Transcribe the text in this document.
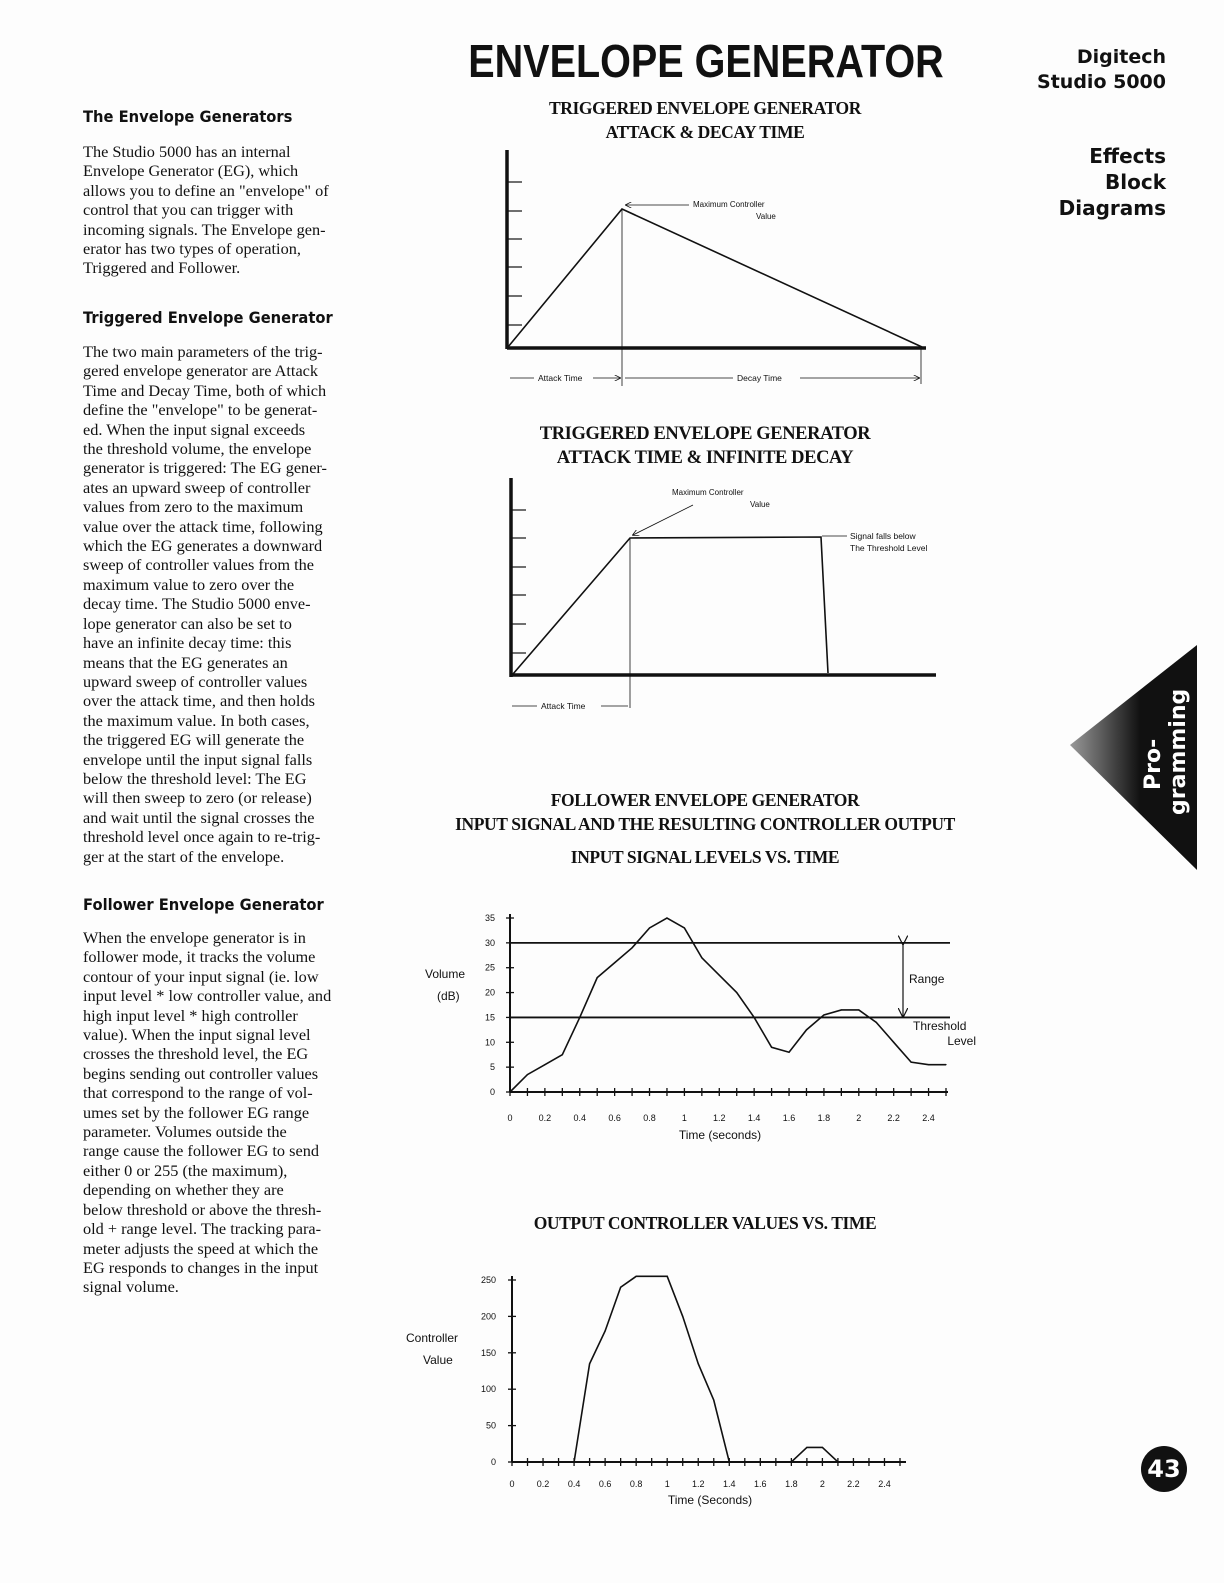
ENVELOPE GENERATOR	Digitech
Studio 5000
Effects
Block
Diagrams
The Envelope Generators
The Studio 5000 has an internal
Envelope Generator (EG), which
allows you to define an "envelope" of
control that you can trigger with
incoming signals. The Envelope gen-
erator has two types of operation,
Triggered and Follower.
Triggered Envelope Generator
The two main parameters of the trig-
gered envelope generator are Attack
Time and Decay Time, both of which
define the "envelope" to be generat-
ed. When the input signal exceeds
the threshold volume, the envelope
generator is triggered: The EG gener-
ates an upward sweep of controller
values from zero to the maximum
value over the attack time, following
which the EG generates a downward
sweep of controller values from the
maximum value to zero over the
decay time. The Studio 5000 enve-
lope generator can also be set to
have an infinite decay time: this
means that the EG generates an
upward sweep of controller values
over the attack time, and then holds
the maximum value. In both cases,
the triggered EG will generate the
envelope until the input signal falls
below the threshold level: The EG
will then sweep to zero (or release)
and wait until the signal crosses the
threshold level once again to re-trig-
ger at the start of the envelope.
Follower Envelope Generator
When the envelope generator is in
follower mode, it tracks the volume
contour of your input signal (ie. low
input level * low controller value, and
high input level * high controller
value). When the input signal level
crosses the threshold level, the EG
begins sending out controller values
that correspond to the range of vol-
umes set by the follower EG range
parameter. Volumes outside the
range cause the follower EG to send
either 0 or 255 (the maximum),
depending on whether they are
below threshold or above the thresh-
old + range level. The tracking para-
meter adjusts the speed at which the
EG responds to changes in the input
signal volume.
TRIGGERED ENVELOPE GENERATOR
ATTACK & DECAY TIME
TRIGGERED ENVELOPE GENERATOR
ATTACK TIME & INFINITE DECAY
FOLLOWER ENVELOPE GENERATOR
INPUT SIGNAL AND THE RESULTING CONTROLLER OUTPUT
INPUT SIGNAL LEVELS VS. TIME
OUTPUT CONTROLLER VALUES VS. TIME
Maximum Controller
Value
Attack Time	Decay Time
Maximum Controller
Value
Signal falls below
The Threshold Level
Attack Time
Volume
(dB)
Time (seconds)
Range
Threshold
Level
0	0.2 0.4 0.6 0.8	1	1.2 1.4 1.6 1.8	2	2.2 2.4
0
5
10
15
20
25
30
35
Controller
Value
Time (Seconds)
0 0.2 0.4 0.6 0.8 1 1.2 1.4 1.6 1.8 2 2.2 2.4
0
50
100
150
200
250
Pro- gramming
43
